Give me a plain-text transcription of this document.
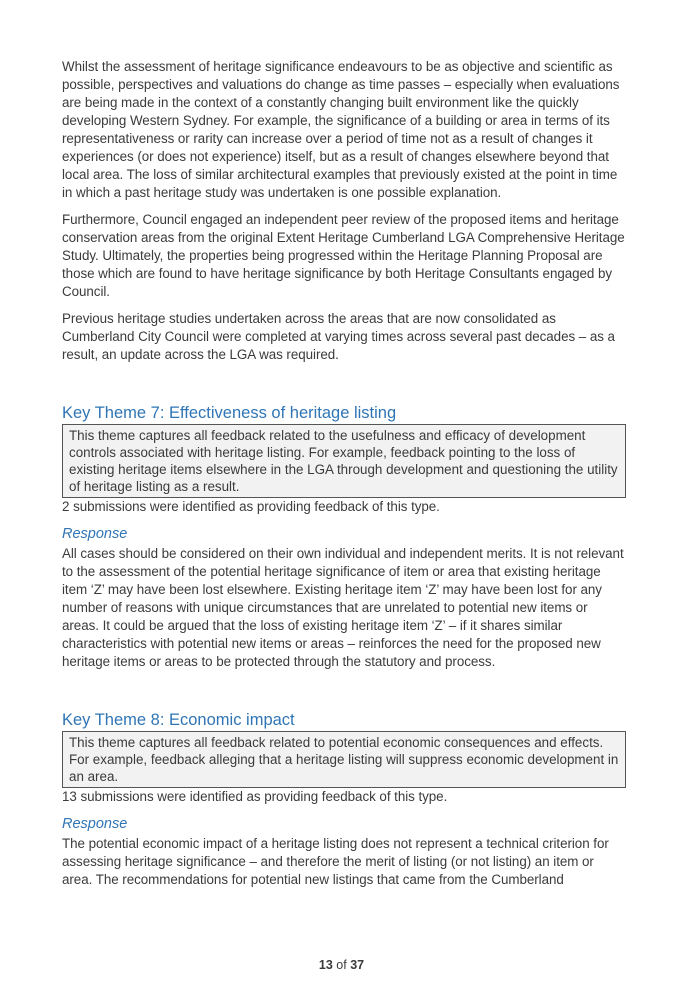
Whilst the assessment of heritage significance endeavours to be as objective and scientific as possible, perspectives and valuations do change as time passes – especially when evaluations are being made in the context of a constantly changing built environment like the quickly developing Western Sydney. For example, the significance of a building or area in terms of its representativeness or rarity can increase over a period of time not as a result of changes it experiences (or does not experience) itself, but as a result of changes elsewhere beyond that local area. The loss of similar architectural examples that previously existed at the point in time in which a past heritage study was undertaken is one possible explanation.

Furthermore, Council engaged an independent peer review of the proposed items and heritage conservation areas from the original Extent Heritage Cumberland LGA Comprehensive Heritage Study. Ultimately, the properties being progressed within the Heritage Planning Proposal are those which are found to have heritage significance by both Heritage Consultants engaged by Council.

Previous heritage studies undertaken across the areas that are now consolidated as Cumberland City Council were completed at varying times across several past decades – as a result, an update across the LGA was required.

Key Theme 7: Effectiveness of heritage listing

This theme captures all feedback related to the usefulness and efficacy of development controls associated with heritage listing. For example, feedback pointing to the loss of existing heritage items elsewhere in the LGA through development and questioning the utility of heritage listing as a result.

2 submissions were identified as providing feedback of this type.

Response

All cases should be considered on their own individual and independent merits. It is not relevant to the assessment of the potential heritage significance of item or area that existing heritage item ‘Z’ may have been lost elsewhere. Existing heritage item ‘Z’ may have been lost for any number of reasons with unique circumstances that are unrelated to potential new items or areas. It could be argued that the loss of existing heritage item ‘Z’ – if it shares similar characteristics with potential new items or areas – reinforces the need for the proposed new heritage items or areas to be protected through the statutory and process.

Key Theme 8: Economic impact

This theme captures all feedback related to potential economic consequences and effects. For example, feedback alleging that a heritage listing will suppress economic development in an area.

13 submissions were identified as providing feedback of this type.

Response

The potential economic impact of a heritage listing does not represent a technical criterion for assessing heritage significance – and therefore the merit of listing (or not listing) an item or area. The recommendations for potential new listings that came from the Cumberland

13 of 37
